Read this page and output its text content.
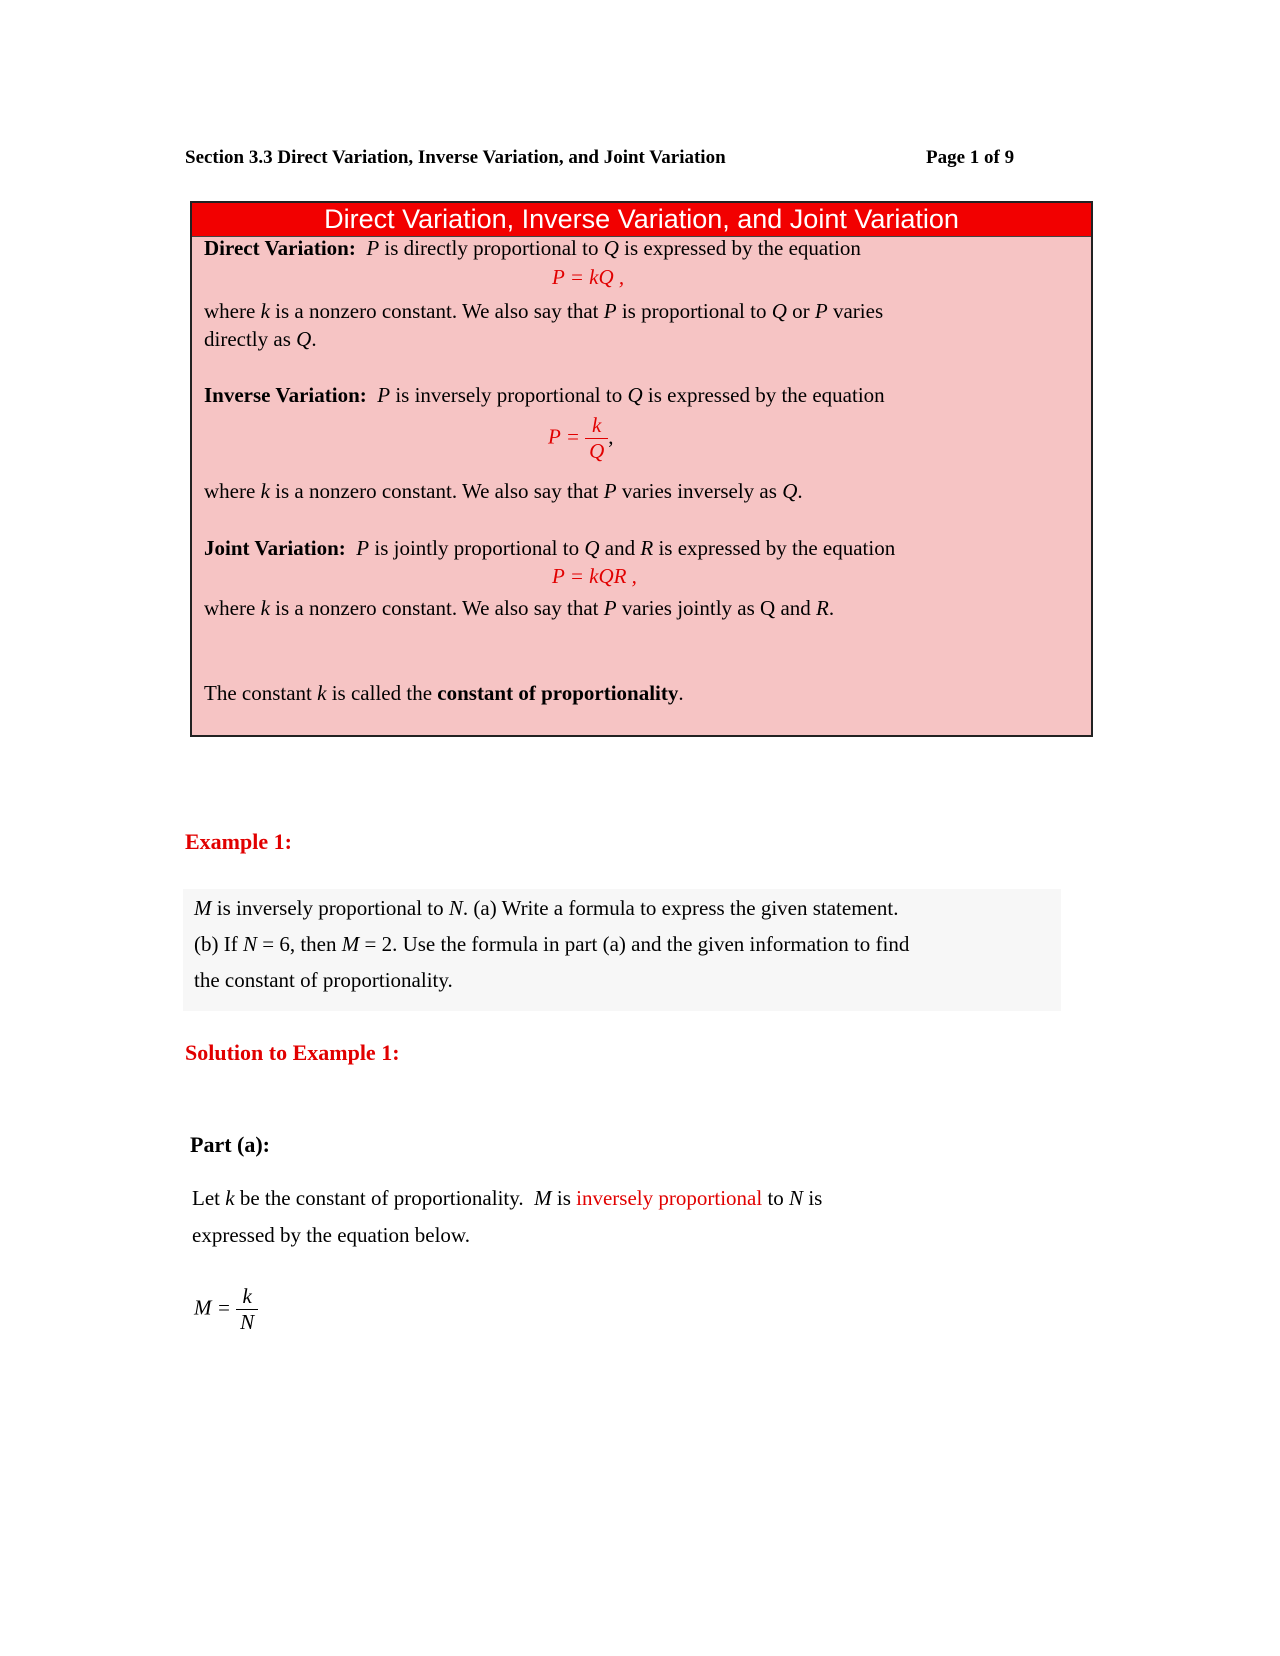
Section 3.3 Direct Variation, Inverse Variation, and Joint Variation	Page 1 of 9
Direct Variation, Inverse Variation, and Joint Variation
Direct Variation: P is directly proportional to Q is expressed by the equation
P = kQ ,
where k is a nonzero constant. We also say that P is proportional to Q or P varies
directly as Q.
Inverse Variation: P is inversely proportional to Q is expressed by the equation
$P = \frac{k}{Q}$ ,
where k is a nonzero constant. We also say that P varies inversely as Q.
Joint Variation: P is jointly proportional to Q and R is expressed by the equation
P = kQR ,
where k is a nonzero constant. We also say that P varies jointly as Q and R.
The constant k is called the constant of proportionality.
Example 1:
M is inversely proportional to N. (a) Write a formula to express the given statement.
(b) If N = 6, then M = 2. Use the formula in part (a) and the given information to find
the constant of proportionality.
Solution to Example 1:
Part (a):
Let k be the constant of proportionality. M is inversely proportional to N is
expressed by the equation below.
$M = \frac{k}{N}$
